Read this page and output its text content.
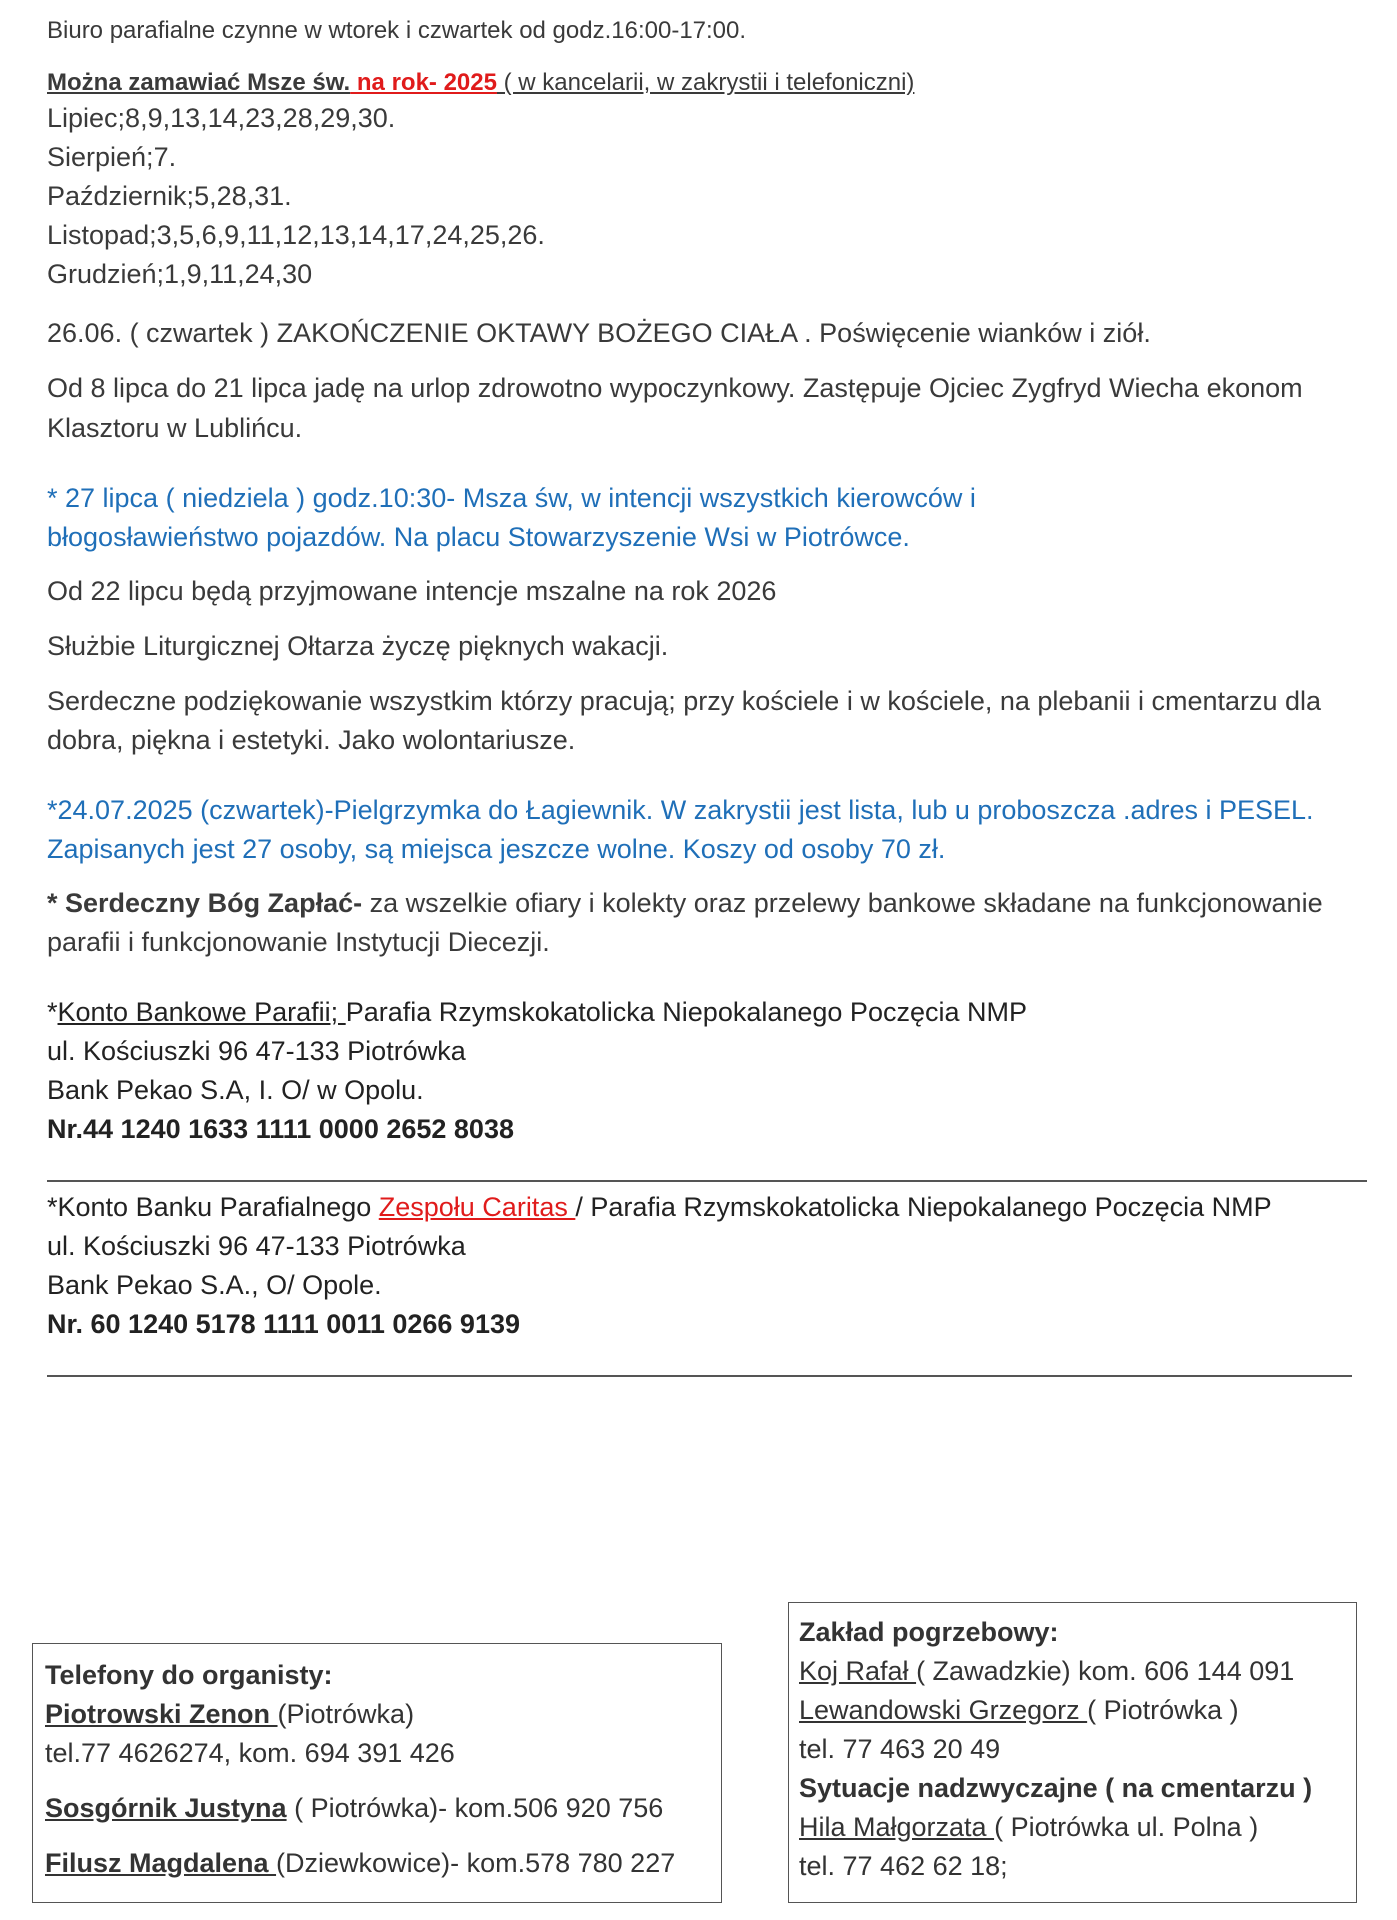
Biuro parafialne czynne w wtorek i czwartek od godz.16:00-17:00.

Można zamawiać Msze św. na rok- 2025 ( w kancelarii, w zakrystii i telefoniczni)

Lipiec;8,9,13,14,23,28,29,30.

Sierpień;7.

Październik;5,28,31.

Listopad;3,5,6,9,11,12,13,14,17,24,25,26.

Grudzień;1,9,11,24,30

26.06. ( czwartek ) ZAKOŃCZENIE OKTAWY BOŻEGO CIAŁA . Poświęcenie wianków i ziół.

Od 8 lipca do 21 lipca jadę na urlop zdrowotno wypoczynkowy. Zastępuje Ojciec Zygfryd Wiecha ekonom

Klasztoru w Lublińcu.

* 27 lipca ( niedziela ) godz.10:30- Msza św, w intencji wszystkich kierowców i

błogosławieństwo pojazdów. Na placu Stowarzyszenie Wsi w Piotrówce.

Od 22 lipcu będą przyjmowane intencje mszalne na rok 2026

Służbie Liturgicznej Ołtarza życzę pięknych wakacji.

Serdeczne podziękowanie wszystkim którzy pracują; przy kościele i w kościele, na plebanii i cmentarzu dla

dobra, piękna i estetyki. Jako wolontariusze.

*24.07.2025 (czwartek)-Pielgrzymka do Łagiewnik. W zakrystii jest lista, lub u proboszcza .adres i PESEL.

Zapisanych jest 27 osoby, są miejsca jeszcze wolne. Koszy od osoby 70 zł.

* Serdeczny Bóg Zapłać- za wszelkie ofiary i kolekty oraz przelewy bankowe składane na funkcjonowanie

parafii i funkcjonowanie Instytucji Diecezji.

*Konto Bankowe Parafii; Parafia Rzymskokatolicka Niepokalanego Poczęcia NMP

ul. Kościuszki 96 47-133 Piotrówka

Bank Pekao S.A, I. O/ w Opolu.

Nr.44 1240 1633 1111 0000 2652 8038

*Konto Banku Parafialnego Zespołu Caritas / Parafia Rzymskokatolicka Niepokalanego Poczęcia NMP

ul. Kościuszki 96 47-133 Piotrówka

Bank Pekao S.A., O/ Opole.

Nr. 60 1240 5178 1111 0011 0266 9139

Telefony do organisty:
Piotrowski Zenon (Piotrówka)
tel.77 4626274, kom. 694 391 426
Sosgórnik Justyna ( Piotrówka)- kom.506 920 756
Filusz Magdalena (Dziewkowice)- kom.578 780 227
Zakład pogrzebowy:
Koj Rafał ( Zawadzkie) kom. 606 144 091
Lewandowski Grzegorz ( Piotrówka )
tel. 77 463 20 49
Sytuacje nadzwyczajne ( na cmentarzu )
Hila Małgorzata ( Piotrówka ul. Polna )
tel. 77 462 62 18;
